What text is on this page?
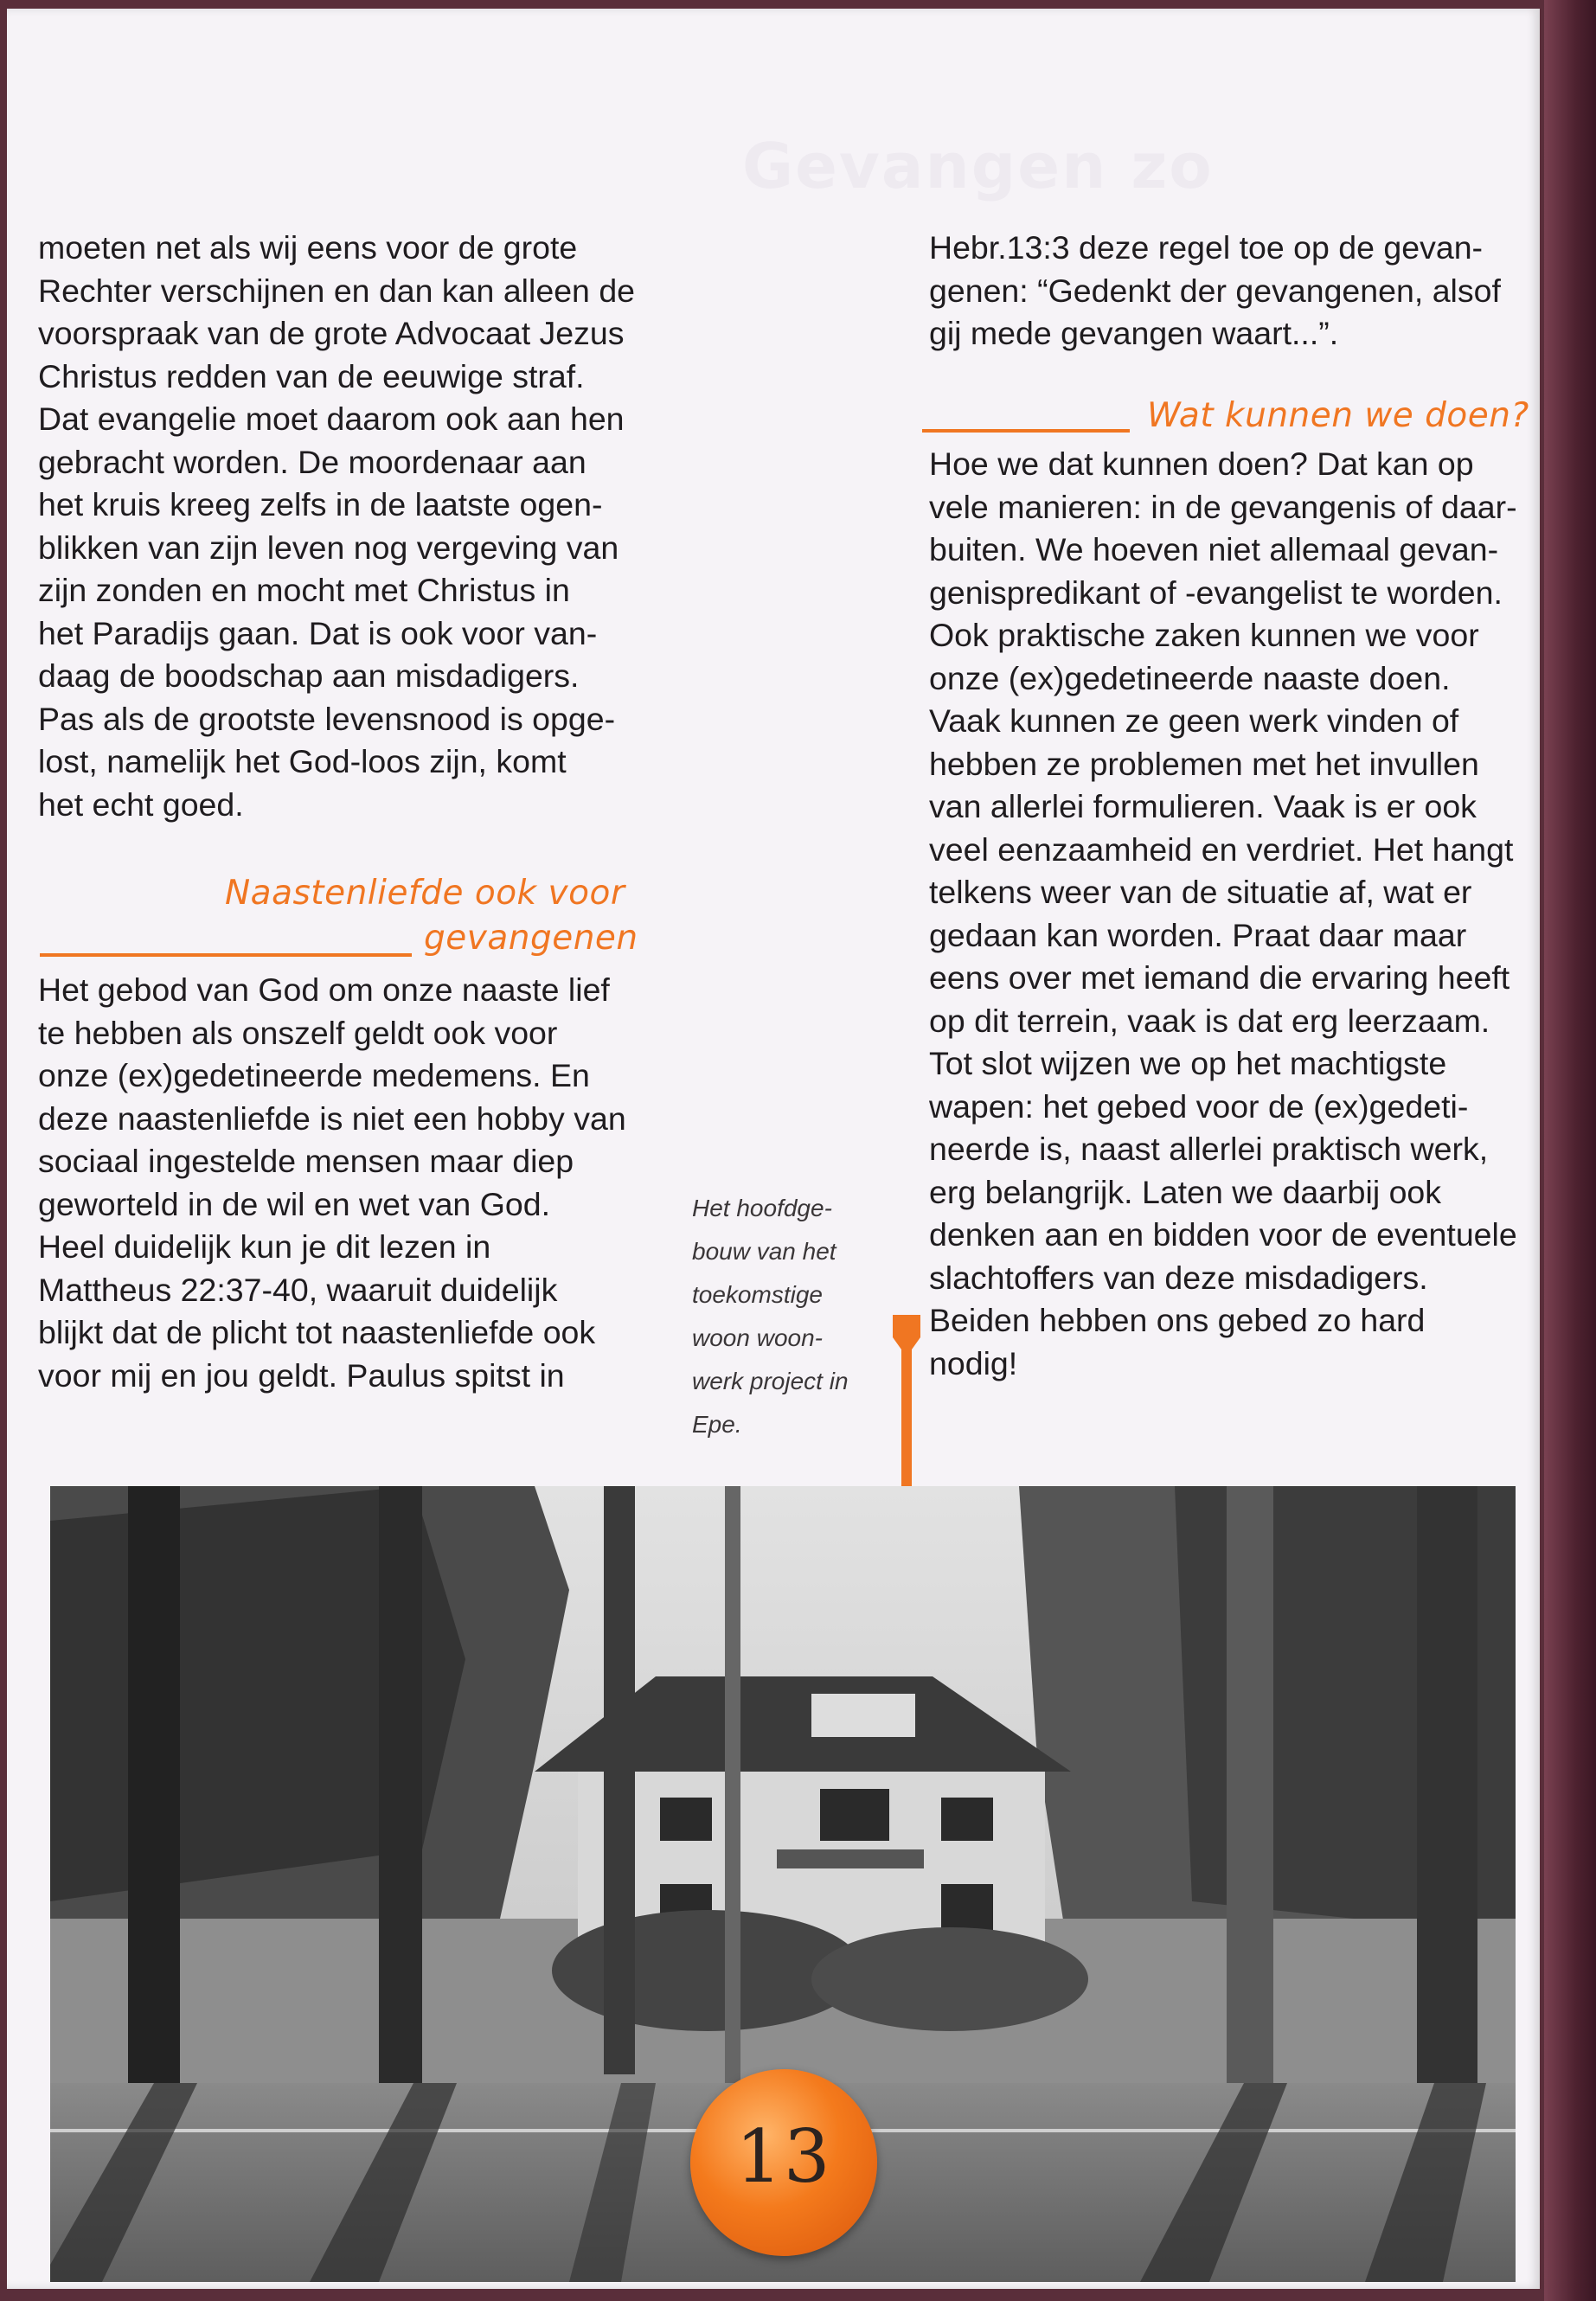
Gevangen zo
moeten net als wij eens voor de grote
Rechter verschijnen en dan kan alleen de
voorspraak van de grote Advocaat Jezus
Christus redden van de eeuwige straf.
Dat evangelie moet daarom ook aan hen
gebracht worden. De moordenaar aan
het kruis kreeg zelfs in de laatste ogen-
blikken van zijn leven nog vergeving van
zijn zonden en mocht met Christus in
het Paradijs gaan. Dat is ook voor van-
daag de boodschap aan misdadigers.
Pas als de grootste levensnood is opge-
lost, namelijk het God-loos zijn, komt
het echt goed.
Naastenliefde ook voor
gevangenen
Het gebod van God om onze naaste lief
te hebben als onszelf geldt ook voor
onze (ex)gedetineerde medemens. En
deze naastenliefde is niet een hobby van
sociaal ingestelde mensen maar diep
geworteld in de wil en wet van God.
Heel duidelijk kun je dit lezen in
Mattheus 22:37-40, waaruit duidelijk
blijkt dat de plicht tot naastenliefde ook
voor mij en jou geldt. Paulus spitst in
Hebr.13:3 deze regel toe op de gevan-
genen: “Gedenkt der gevangenen, alsof
gij mede gevangen waart...”.
Wat kunnen we doen?
Hoe we dat kunnen doen? Dat kan op
vele manieren: in de gevangenis of daar-
buiten. We hoeven niet allemaal gevan-
genispredikant of -evangelist te worden.
Ook praktische zaken kunnen we voor
onze (ex)gedetineerde naaste doen.
Vaak kunnen ze geen werk vinden of
hebben ze problemen met het invullen
van allerlei formulieren. Vaak is er ook
veel eenzaamheid en verdriet. Het hangt
telkens weer van de situatie af, wat er
gedaan kan worden. Praat daar maar
eens over met iemand die ervaring heeft
op dit terrein, vaak is dat erg leerzaam.
Tot slot wijzen we op het machtigste
wapen: het gebed voor de (ex)gedeti-
neerde is, naast allerlei praktisch werk,
erg belangrijk. Laten we daarbij ook
denken aan en bidden voor de eventuele
slachtoffers van deze misdadigers.
Beiden hebben ons gebed zo hard
nodig!
Het hoofdge-
bouw van het
toekomstige
woon woon-
werk project in
Epe.
13
